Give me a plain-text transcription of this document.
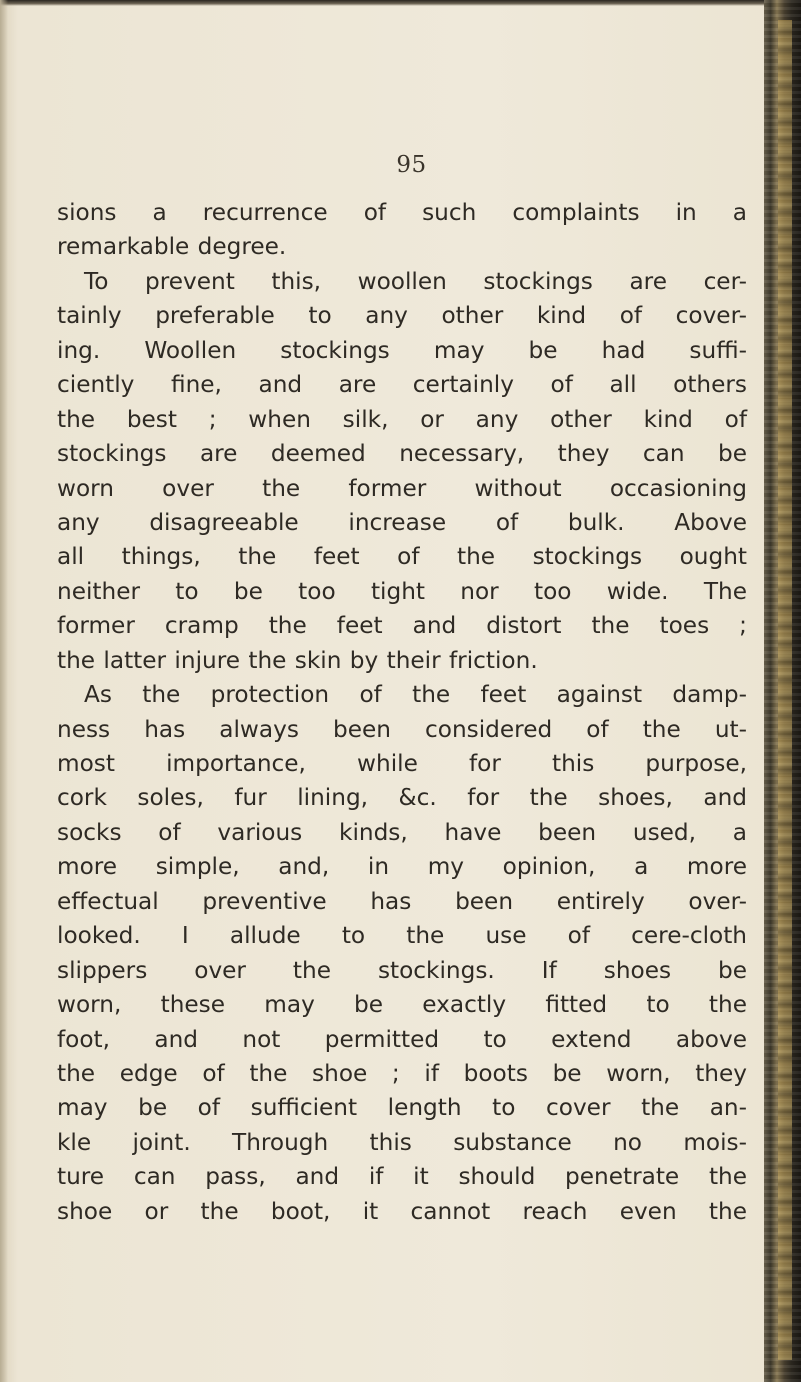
95
sions a recurrence of such complaints in a
remarkable degree.
To prevent this, woollen stockings are cer-
tainly preferable to any other kind of cover-
ing. Woollen stockings may be had suffi-
ciently fine, and are certainly of all others
the best ; when silk, or any other kind of
stockings are deemed necessary, they can be
worn over the former without occasioning
any disagreeable increase of bulk. Above
all things, the feet of the stockings ought
neither to be too tight nor too wide. The
former cramp the feet and distort the toes ;
the latter injure the skin by their friction.
As the protection of the feet against damp-
ness has always been considered of the ut-
most importance, while for this purpose,
cork soles, fur lining, &c. for the shoes, and
socks of various kinds, have been used, a
more simple, and, in my opinion, a more
effectual preventive has been entirely over-
looked. I allude to the use of cere-cloth
slippers over the stockings. If shoes be
worn, these may be exactly fitted to the
foot, and not permitted to extend above
the edge of the shoe ; if boots be worn, they
may be of sufficient length to cover the an-
kle joint. Through this substance no mois-
ture can pass, and if it should penetrate the
shoe or the boot, it cannot reach even the
